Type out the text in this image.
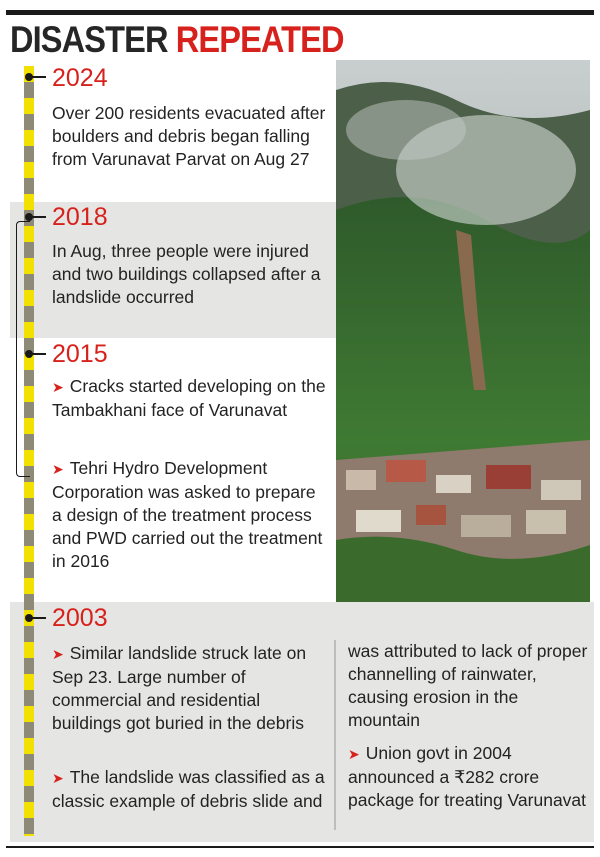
DISASTER REPEATED
2024

Over 200 residents evacuated after boulders and debris began falling from Varunavat Parvat on Aug 27

2018

In Aug, three people were injured and two buildings collapsed after a landslide occurred

2015

➤ Cracks started developing on the Tambakhani face of Varunavat

➤ Tehri Hydro Development Corporation was asked to prepare a design of the treatment process and PWD carried out the treatment in 2016

2003

➤ Similar landslide struck late on Sep 23. Large number of commercial and residential buildings got buried in the debris

➤ The landslide was classified as a classic example of debris slide and

was attributed to lack of proper channelling of rainwater, causing erosion in the mountain

➤ Union govt in 2004 announced a ₹282 crore package for treating Varunavat
